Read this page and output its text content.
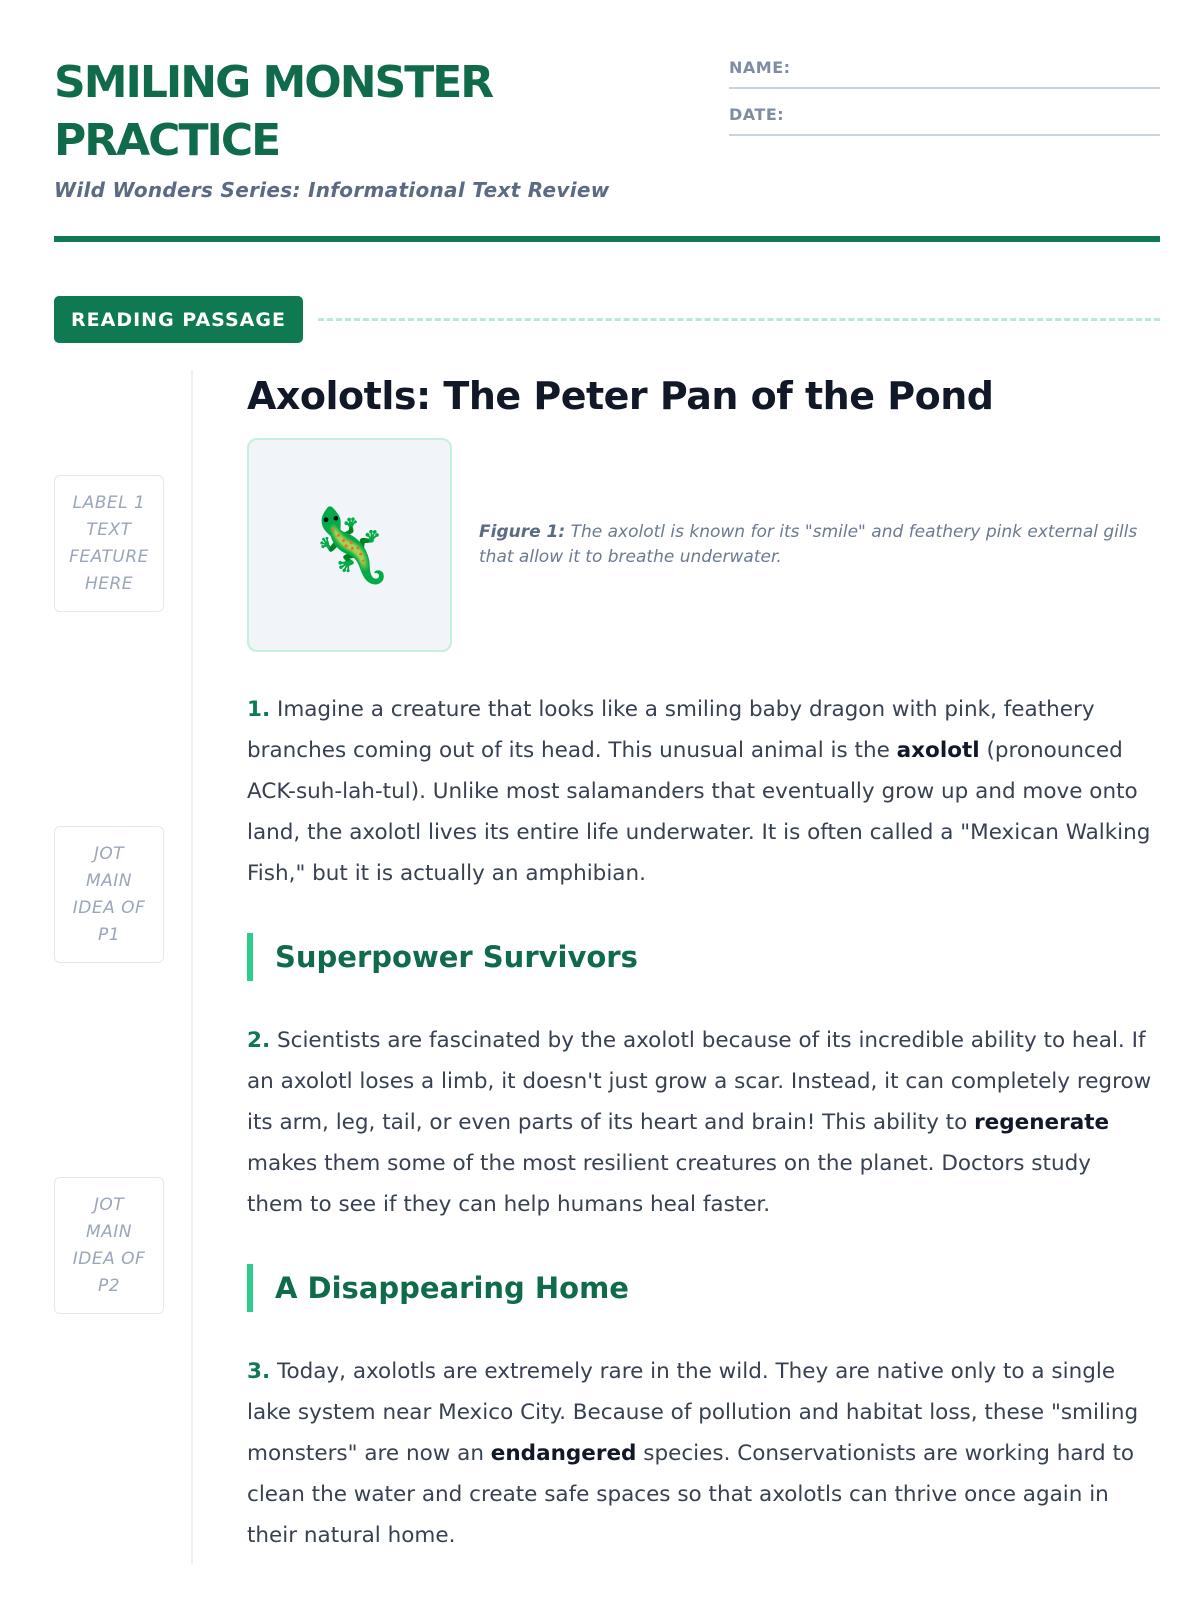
SMILING MONSTER
PRACTICE
Wild Wonders Series: Informational Text Review
NAME:
DATE:
READING PASSAGE
LABEL 1
TEXT
FEATURE
HERE
JOT
MAIN
IDEA OF
P1
JOT
MAIN
IDEA OF
P2
Axolotls: The Peter Pan of the Pond
🦎	Figure 1: The axolotl is known for its "smile" and feathery pink external gills that allow it to breathe underwater.

1. Imagine a creature that looks like a smiling baby dragon with pink, feathery branches coming out of its head. This unusual animal is the axolotl (pronounced ACK-suh-lah-tul). Unlike most salamanders that eventually grow up and move onto land, the axolotl lives its entire life underwater. It is often called a "Mexican Walking Fish," but it is actually an amphibian.

Superpower Survivors

2. Scientists are fascinated by the axolotl because of its incredible ability to heal. If an axolotl loses a limb, it doesn't just grow a scar. Instead, it can completely regrow its arm, leg, tail, or even parts of its heart and brain! This ability to regenerate makes them some of the most resilient creatures on the planet. Doctors study them to see if they can help humans heal faster.

A Disappearing Home

3. Today, axolotls are extremely rare in the wild. They are native only to a single lake system near Mexico City. Because of pollution and habitat loss, these "smiling monsters" are now an endangered species. Conservationists are working hard to clean the water and create safe spaces so that axolotls can thrive once again in their natural home.
